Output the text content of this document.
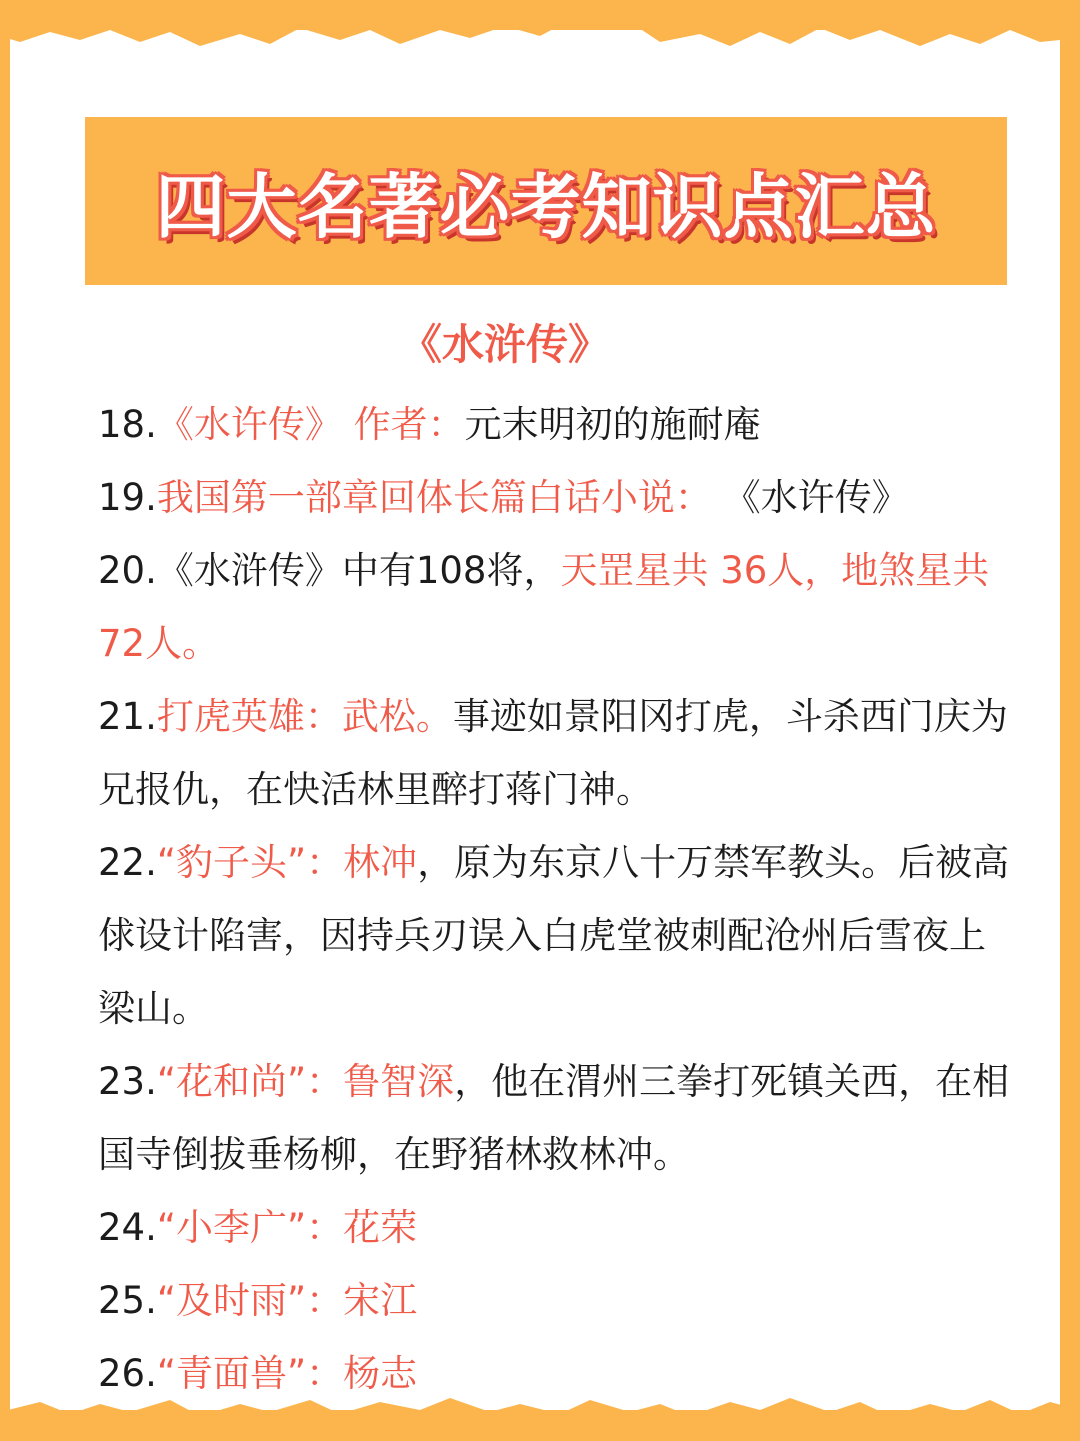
四大名著必考知识点汇总
《水浒传》

18.《水许传》 作者：元末明初的施耐庵

19.我国第一部章回体长篇白话小说： 《水许传》

20.《水浒传》中有108将，天罡星共 36人，地煞星共72人。

21.打虎英雄：武松。事迹如景阳冈打虎，斗杀西门庆为兄报仇，在快活林里醉打蒋门神。

22.“豹子头”：林冲，原为东京八十万禁军教头。后被高俅设计陷害，因持兵刃误入白虎堂被刺配沧州后雪夜上梁山。

23.“花和尚”：鲁智深，他在渭州三拳打死镇关西，在相国寺倒拔垂杨柳，在野猪林救林冲。

24.“小李广”：花荣

25.“及时雨”：宋江

26.“青面兽”：杨志
